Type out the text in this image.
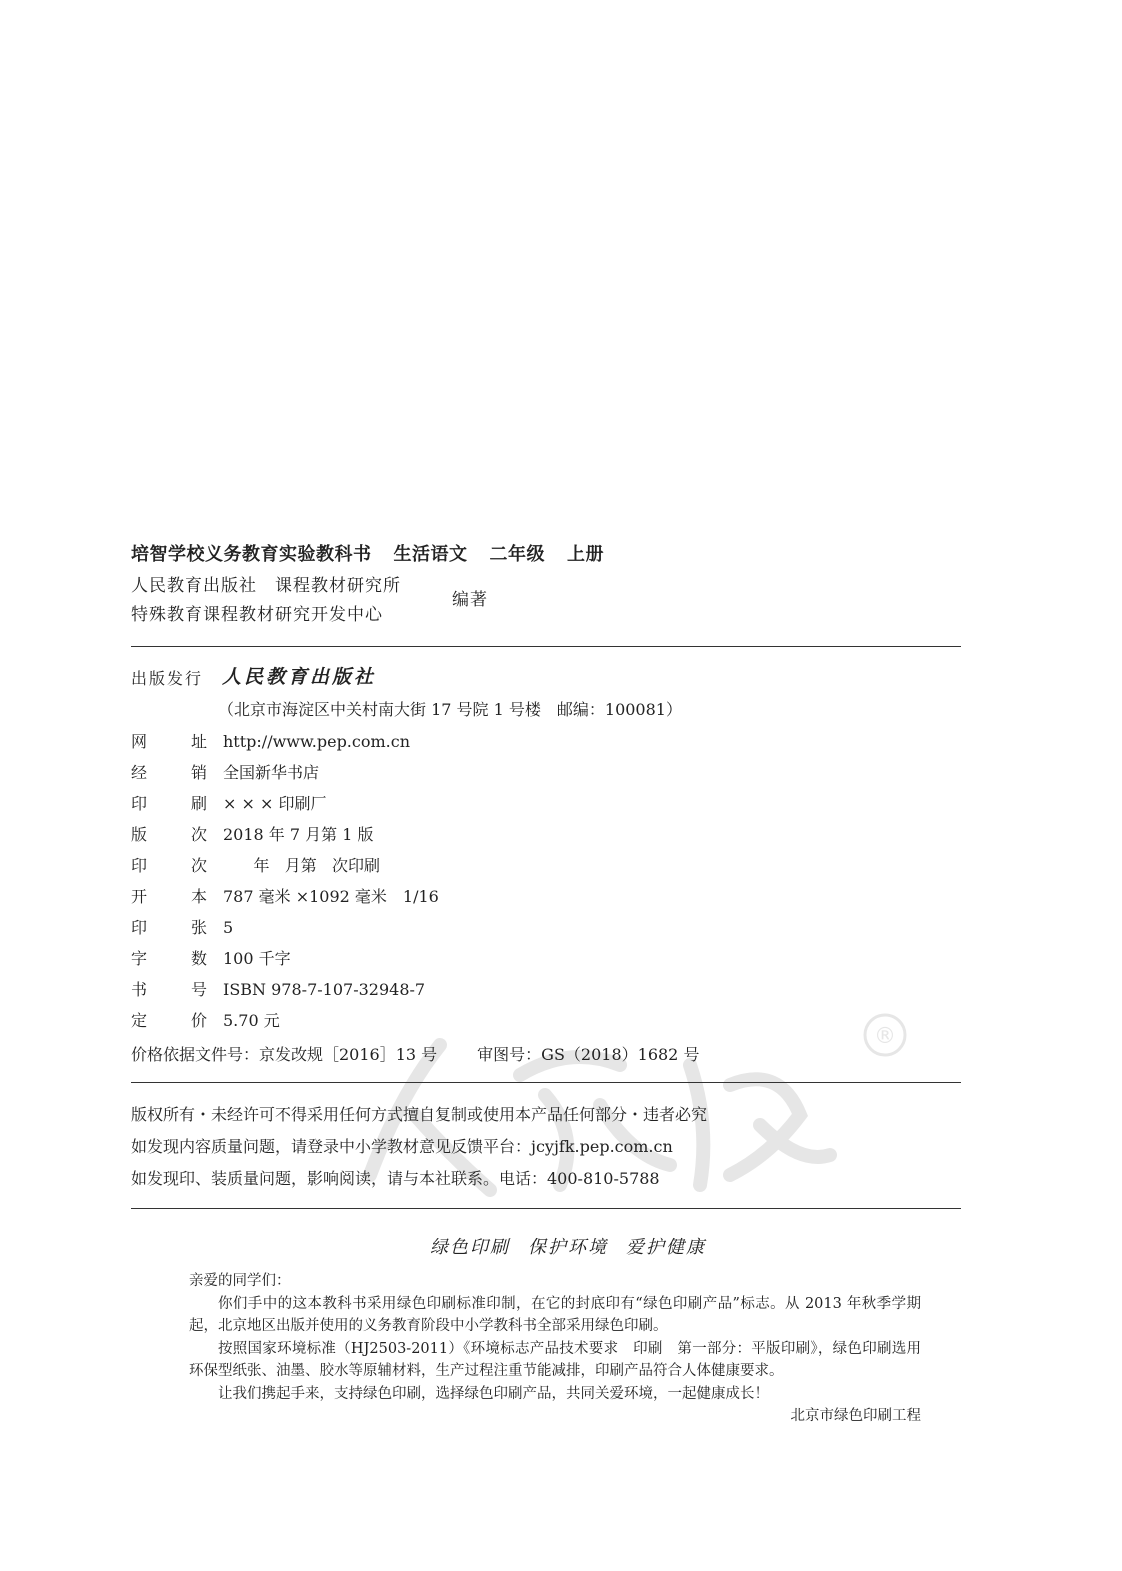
®
培智学校义务教育实验教科书 生活语文 二年级 上册
人民教育出版社　课程教材研究所
特殊教育课程教材研究开发中心
编著
出版发行 人民教育出版社
（北京市海淀区中关村南大街 17 号院 1 号楼　邮编：100081）
网	址 http://www.pep.com.cn
经	销 全国新华书店
印	刷 × × × 印刷厂
版	次 2018 年 7 月第 1 版
印	次 年   月第   次印刷
开	本 787 毫米 ×1092 毫米　1/16
印	张 5
字	数 100 千字
书	号 ISBN 978-7-107-32948-7
定	价 5.70 元
价格依据文件号：京发改规［2016］13 号	审图号：GS（2018）1682 号
版权所有・未经许可不得采用任何方式擅自复制或使用本产品任何部分・违者必究
如发现内容质量问题，请登录中小学教材意见反馈平台：jcyjfk.pep.com.cn
如发现印、装质量问题，影响阅读，请与本社联系。电话：400-810-5788
绿色印刷 保护环境 爱护健康
亲爱的同学们：
你们手中的这本教科书采用绿色印刷标准印制，在它的封底印有“绿色印刷产品”标志。从 2013 年秋季学期起，北京地区出版并使用的义务教育阶段中小学教科书全部采用绿色印刷。
按照国家环境标准（HJ2503-2011）《环境标志产品技术要求　印刷　第一部分：平版印刷》，绿色印刷选用环保型纸张、油墨、胶水等原辅材料，生产过程注重节能减排，印刷产品符合人体健康要求。
让我们携起手来，支持绿色印刷，选择绿色印刷产品，共同关爱环境，一起健康成长！
北京市绿色印刷工程
